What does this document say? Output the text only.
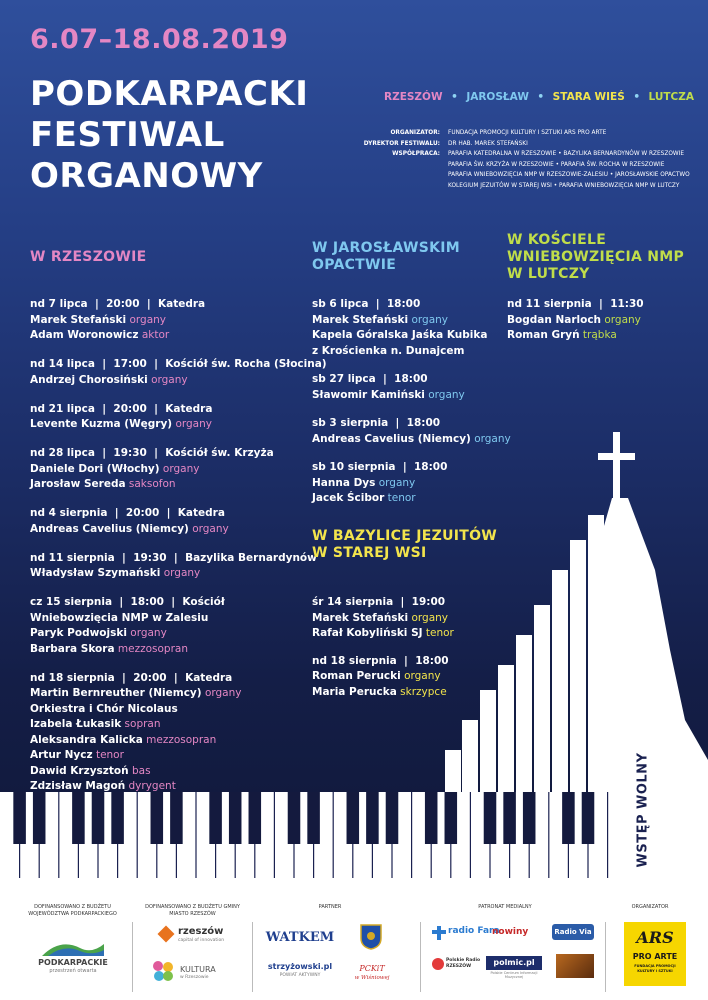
6.07–18.08.2019
PODKARPACKI
FESTIWAL
ORGANOWY
RZESZÓW • JAROSŁAW • STARA WIEŚ • LUTCZA
ORGANIZATOR:	FUNDACJA PROMOCJI KULTURY I SZTUKI ARS PRO ARTE
DYREKTOR FESTIWALU:	DR HAB. MAREK STEFAŃSKI
WSPÓŁPRACA:	PARAFIA KATEDRALNA W RZESZOWIE • BAZYLIKA BERNARDYNÓW W RZESZOWIE
PARAFIA ŚW. KRZYŻA W RZESZOWIE • PARAFIA ŚW. ROCHA W RZESZOWIE
PARAFIA WNIEBOWZIĘCIA NMP W RZESZOWIE-ZALESIU • JAROSŁAWSKIE OPACTWO
KOLEGIUM JEZUITÓW W STAREJ WSI • PARAFIA WNIEBOWZIĘCIA NMP W LUTCZY
W RZESZOWIE
nd 7 lipca  |  20:00  |  Katedra
Marek Stefański organy
Adam Woronowicz aktor
nd 14 lipca  |  17:00  |  Kościół św. Rocha (Słocina)
Andrzej Chorosiński organy
nd 21 lipca  |  20:00  |  Katedra
Levente Kuzma (Węgry) organy
nd 28 lipca  |  19:30  |  Kościół św. Krzyża
Daniele Dori (Włochy) organy
Jarosław Sereda saksofon
nd 4 sierpnia  |  20:00  |  Katedra
Andreas Cavelius (Niemcy) organy
nd 11 sierpnia  |  19:30  |  Bazylika Bernardynów
Władysław Szymański organy
cz 15 sierpnia  |  18:00  |  Kościół
Wniebowzięcia NMP w Zalesiu
Paryk Podwojski organy
Barbara Skora mezzosopran
nd 18 sierpnia  |  20:00  |  Katedra
Martin Bernreuther (Niemcy) organy
Orkiestra i Chór Nicolaus
Izabela Łukasik sopran
Aleksandra Kalicka mezzosopran
Artur Nycz tenor
Dawid Krzysztoń bas
Zdzisław Magoń dyrygent
W JAROSŁAWSKIM
OPACTWIE
sb 6 lipca  |  18:00
Marek Stefański organy
Kapela Góralska Jaśka Kubika
z Krościenka n. Dunajcem
sb 27 lipca  |  18:00
Sławomir Kamiński organy
sb 3 sierpnia  |  18:00
Andreas Cavelius (Niemcy) organy
sb 10 sierpnia  |  18:00
Hanna Dys organy
Jacek Ścibor tenor
W KOŚCIELE
WNIEBOWZIĘCIA NMP
W LUTCZY
nd 11 sierpnia  |  11:30
Bogdan Narloch organy
Roman Gryń trąbka
W BAZYLICE JEZUITÓW
W STAREJ WSI
śr 14 sierpnia  |  19:00
Marek Stefański organy
Rafał Kobyliński SJ tenor
nd 18 sierpnia  |  18:00
Roman Perucki organy
Maria Perucka skrzypce
WSTĘP WOLNY
DOFINANSOWANO Z BUDŻETU WOJEWÓDZTWA PODKARPACKIEGO
DOFINANSOWANO Z BUDŻETU GMINY MIASTO RZESZÓW
PARTNER	PATRONAT MEDIALNY	ORGANIZATOR
PODKARPACKIE
przestrzeń otwarta
rzeszów
capital of innovation
KULTURA
w Rzeszowie
WATKEM
strzyżowski.pl
POWIAT AKTYWNY
PCKiT
w Wiśniowej
radio Fara
nowiny	Radio Via
Polskie Radio RZESZÓW	polmic.pl
Polskie Centrum Informacji Muzycznej
ARS
PRO ARTE
FUNDACJA PROMOCJI KULTURY I SZTUKI
